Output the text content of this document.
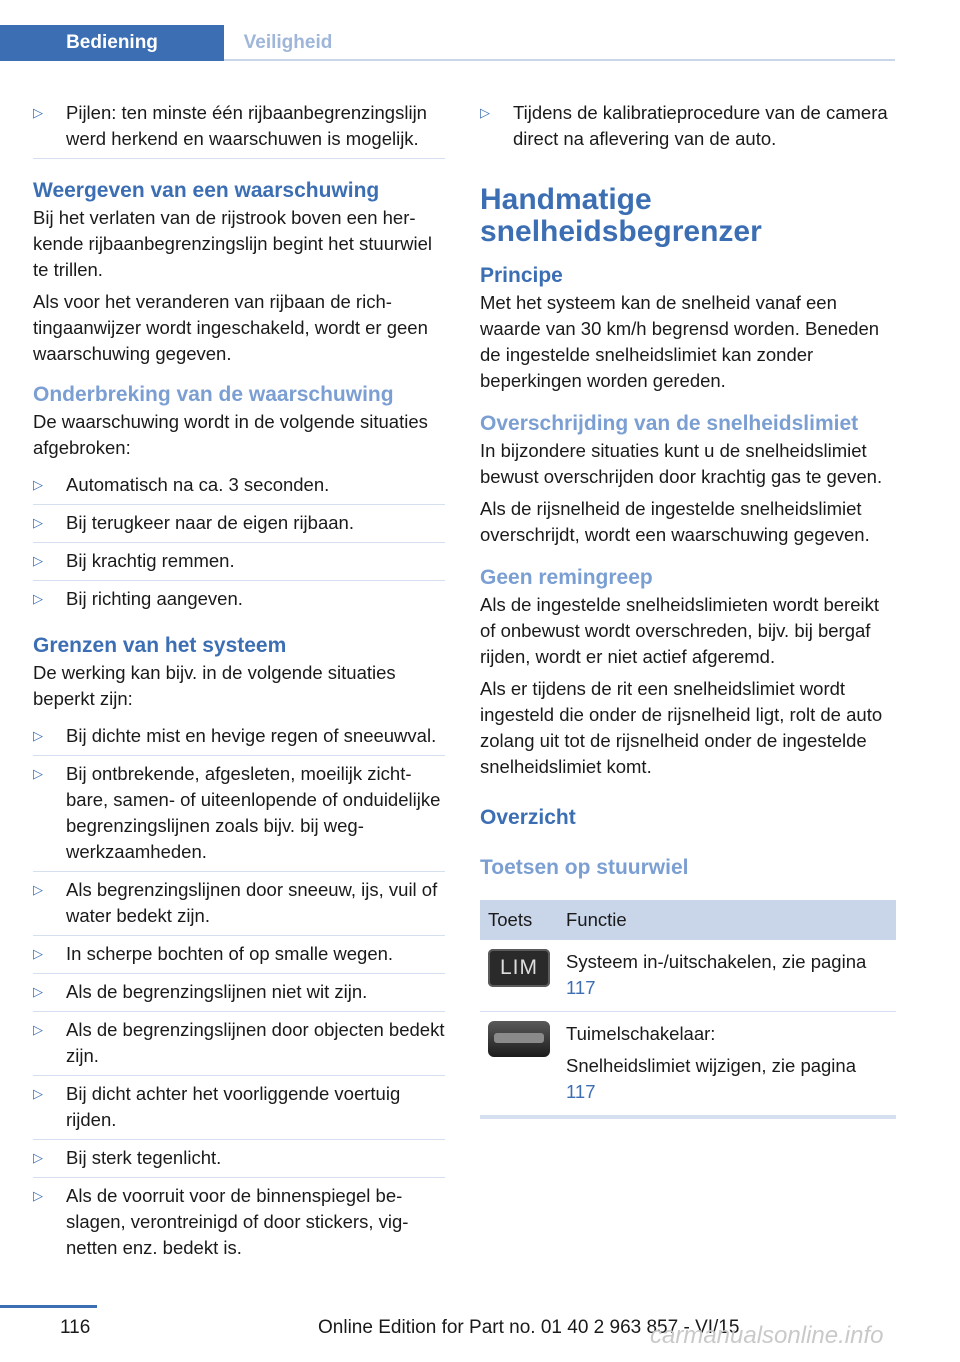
Bediening	Veiligheid
▷	Pijlen: ten minste één rijbaanbegrenzingslijn werd herkend en waarschuwen is mogelijk.
Weergeven van een waarschuwing

Bij het verlaten van de rijstrook boven een herkende rijbaanbegrenzingslijn begint het stuurwiel te trillen.

Als voor het veranderen van rijbaan de richtingaanwijzer wordt ingeschakeld, wordt er geen waarschuwing gegeven.

Onderbreking van de waarschuwing

De waarschuwing wordt in de volgende situaties afgebroken:

▷	Automatisch na ca. 3 seconden.
▷	Bij terugkeer naar de eigen rijbaan.
▷	Bij krachtig remmen.
▷	Bij richting aangeven.
Grenzen van het systeem

De werking kan bijv. in de volgende situaties beperkt zijn:

▷	Bij dichte mist en hevige regen of sneeuwval.
▷	Bij ontbrekende, afgesleten, moeilijk zichtbare, samen- of uiteenlopende of onduidelijke begrenzingslijnen zoals bijv. bij wegwerkzaamheden.
▷	Als begrenzingslijnen door sneeuw, ijs, vuil of water bedekt zijn.
▷	In scherpe bochten of op smalle wegen.
▷	Als de begrenzingslijnen niet wit zijn.
▷	Als de begrenzingslijnen door objecten bedekt zijn.
▷	Bij dicht achter het voorliggende voertuig rijden.
▷	Bij sterk tegenlicht.
▷	Als de voorruit voor de binnenspiegel beslagen, verontreinigd of door stickers, vignetten enz. bedekt is.
▷	Tijdens de kalibratieprocedure van de camera direct na aflevering van de auto.
Handmatige snelheidsbegrenzer
Principe

Met het systeem kan de snelheid vanaf een waarde van 30 km/h begrensd worden. Beneden de ingestelde snelheidslimiet kan zonder beperkingen worden gereden.

Overschrijding van de snelheidslimiet

In bijzondere situaties kunt u de snelheidslimiet bewust overschrijden door krachtig gas te geven.

Als de rijsnelheid de ingestelde snelheidslimiet overschrijdt, wordt een waarschuwing gegeven.

Geen remingreep

Als de ingestelde snelheidslimieten wordt bereikt of onbewust wordt overschreden, bijv. bij bergaf rijden, wordt er niet actief afgeremd.

Als er tijdens de rit een snelheidslimiet wordt ingesteld die onder de rijsnelheid ligt, rolt de auto zolang uit tot de rijsnelheid onder de ingestelde snelheidslimiet komt.

Overzicht
Toetsen op stuurwiel
Toets	Functie

LIM	Systeem in-/uitschakelen, zie pagina 117

	Tuimelschakelaar:

Snelheidslimiet wijzigen, zie pagina 117
116	Online Edition for Part no. 01 40 2 963 857 - VI/15
carmanualsonline.info
